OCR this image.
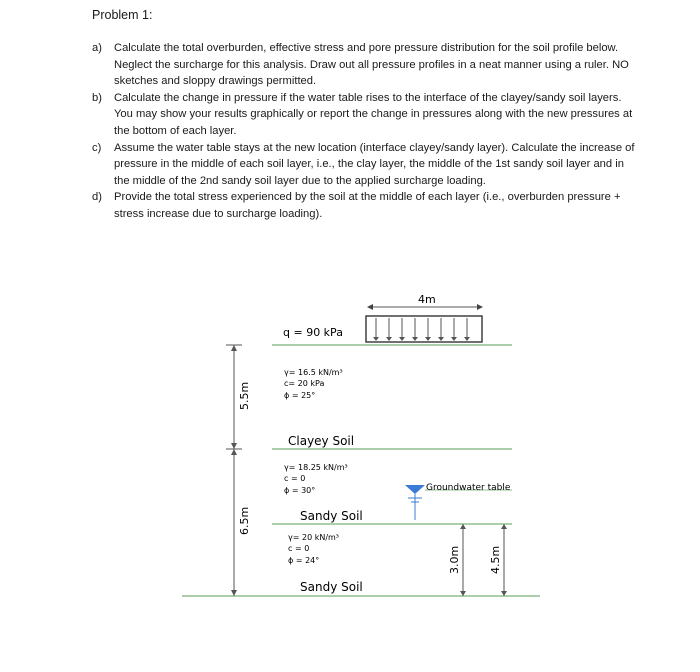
Problem 1:
a) Calculate the total overburden, effective stress and pore pressure distribution for the soil profile below. Neglect the surcharge for this analysis. Draw out all pressure profiles in a neat manner using a ruler. NO sketches and sloppy drawings permitted.
b) Calculate the change in pressure if the water table rises to the interface of the clayey/sandy soil layers. You may show your results graphically or report the change in pressures along with the new pressures at the bottom of each layer.
c) Assume the water table stays at the new location (interface clayey/sandy layer). Calculate the increase of pressure in the middle of each soil layer, i.e., the clay layer, the middle of the 1st sandy soil layer and in the middle of the 2nd sandy soil layer due to the applied surcharge loading.
d) Provide the total stress experienced by the soil at the middle of each layer (i.e., overburden pressure + stress increase due to surcharge loading).
4m
q = 90 kPa
γ= 16.5 kN/m³
c= 20 kPa
ϕ = 25°
Clayey Soil
γ= 18.25 kN/m³
c = 0
ϕ = 30°	Groundwater table
Sandy Soil
γ= 20 kN/m³
c = 0
ϕ = 24°
Sandy Soil
5.5m
6.5m
3.0m	4.5m
